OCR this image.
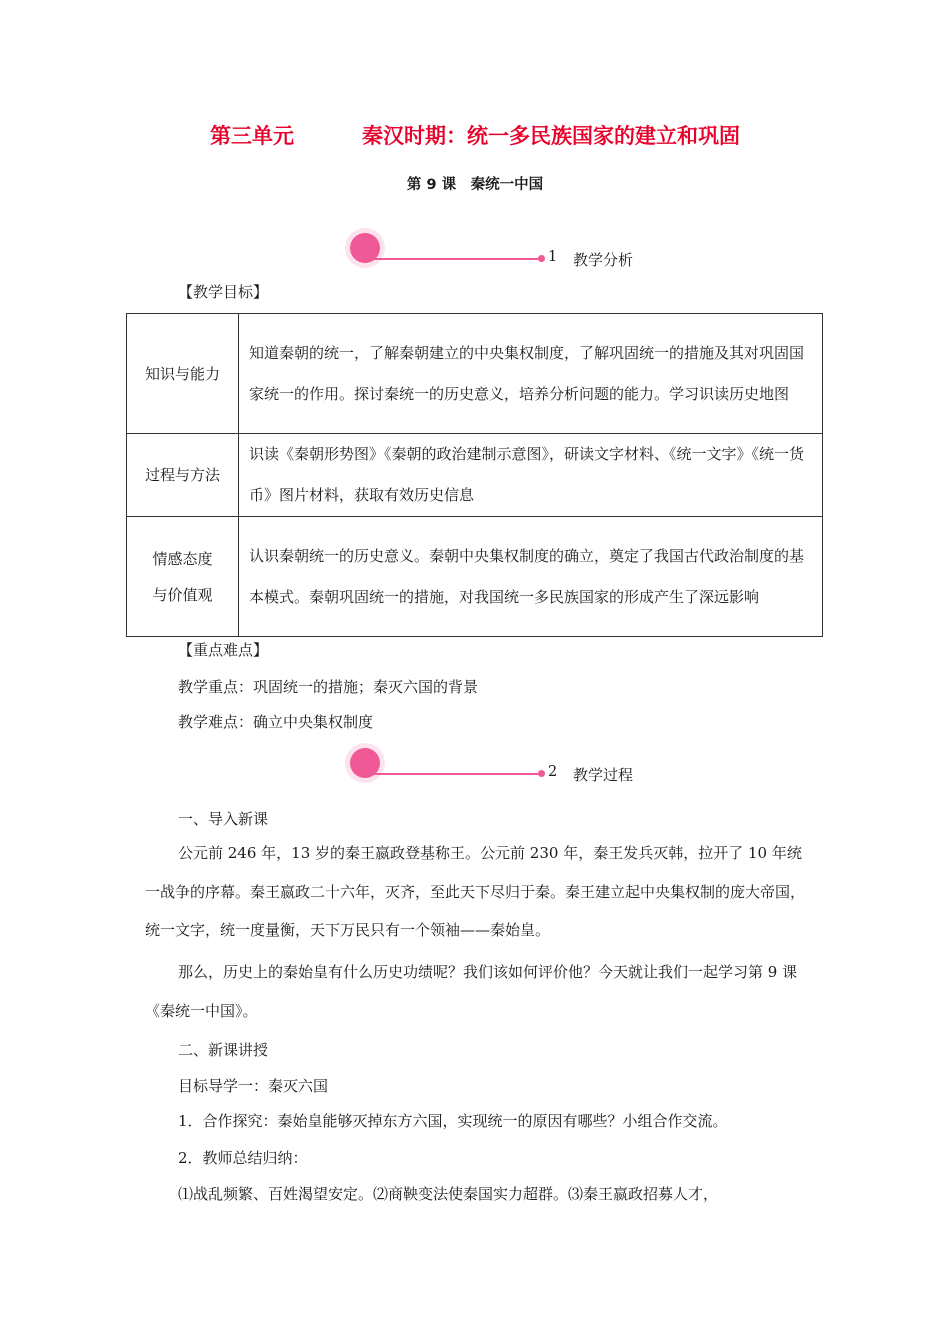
第三单元	秦汉时期：统一多民族国家的建立和巩固
第 9 课　秦统一中国
1 教学分析
【教学目标】
知识与能力	知道秦朝的统一，了解秦朝建立的中央集权制度，了解巩固统一的措施及其对巩固国家统一的作用。探讨秦统一的历史意义，培养分析问题的能力。学习识读历史地图
过程与方法	识读《秦朝形势图》《秦朝的政治建制示意图》，研读文字材料、《统一文字》《统一货币》图片材料，获取有效历史信息

情感态度
与价值观	认识秦朝统一的历史意义。秦朝中央集权制度的确立，奠定了我国古代政治制度的基本模式。秦朝巩固统一的措施，对我国统一多民族国家的形成产生了深远影响
【重点难点】
教学重点：巩固统一的措施；秦灭六国的背景
教学难点：确立中央集权制度
2 教学过程
一、导入新课
公元前 246 年，13 岁的秦王嬴政登基称王。公元前 230 年，秦王发兵灭韩，拉开了 10 年统一战争的序幕。秦王嬴政二十六年，灭齐，至此天下尽归于秦。秦王建立起中央集权制的庞大帝国，统一文字，统一度量衡，天下万民只有一个领袖——秦始皇。
那么，历史上的秦始皇有什么历史功绩呢？我们该如何评价他？今天就让我们一起学习第 9 课《秦统一中国》。
二、新课讲授
目标导学一：秦灭六国
1．合作探究：秦始皇能够灭掉东方六国，实现统一的原因有哪些？小组合作交流。
2．教师总结归纳：
⑴战乱频繁、百姓渴望安定。⑵商鞅变法使秦国实力超群。⑶秦王嬴政招募人才，
